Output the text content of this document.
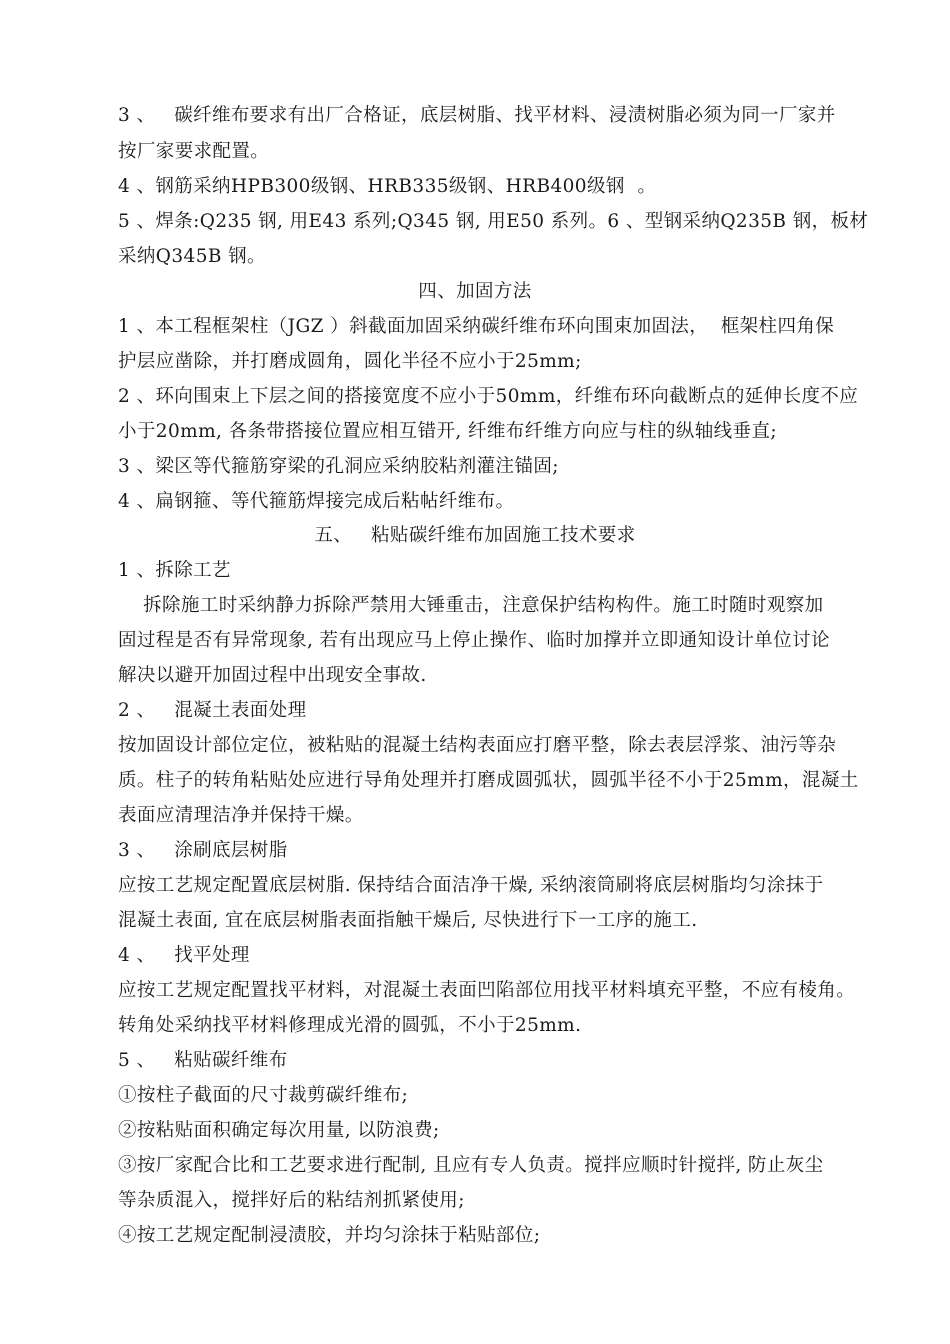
3 、   碳纤维布要求有出厂合格证，底层树脂、找平材料、浸渍树脂必须为同一厂家并
按厂家要求配置。
4 、钢筋采纳HPB300级钢、HRB335级钢、HRB400级钢  。
5 、焊条:Q235 钢, 用E43 系列;Q345 钢, 用E50 系列。6 、型钢采纳Q235B 钢，板材
采纳Q345B 钢。
四、加固方法
1 、本工程框架柱（JGZ ）斜截面加固采纳碳纤维布环向围束加固法，  框架柱四角保
护层应凿除，并打磨成圆角，圆化半径不应小于25mm;
2 、环向围束上下层之间的搭接宽度不应小于50mm，纤维布环向截断点的延伸长度不应
小于20mm, 各条带搭接位置应相互错开, 纤维布纤维方向应与柱的纵轴线垂直;
3 、梁区等代箍筋穿梁的孔洞应采纳胶粘剂灌注锚固;
4 、扁钢箍、等代箍筋焊接完成后粘帖纤维布。
五、   粘贴碳纤维布加固施工技术要求
1 、拆除工艺
拆除施工时采纳静力拆除严禁用大锤重击，注意保护结构构件。施工时随时观察加
固过程是否有异常现象, 若有出现应马上停止操作、临时加撑并立即通知设计单位讨论
解决以避开加固过程中出现安全事故.
2 、   混凝土表面处理
按加固设计部位定位，被粘贴的混凝土结构表面应打磨平整，除去表层浮浆、油污等杂
质。柱子的转角粘贴处应进行导角处理并打磨成圆弧状，圆弧半径不小于25mm，混凝土
表面应清理洁净并保持干燥。
3 、   涂刷底层树脂
应按工艺规定配置底层树脂. 保持结合面洁净干燥, 采纳滚筒刷将底层树脂均匀涂抹于
混凝土表面, 宜在底层树脂表面指触干燥后, 尽快进行下一工序的施工.
4 、   找平处理
应按工艺规定配置找平材料，对混凝土表面凹陷部位用找平材料填充平整，不应有棱角。
转角处采纳找平材料修理成光滑的圆弧，不小于25mm.
5 、   粘贴碳纤维布
①按柱子截面的尺寸裁剪碳纤维布;
②按粘贴面积确定每次用量, 以防浪费;
③按厂家配合比和工艺要求进行配制, 且应有专人负责。搅拌应顺时针搅拌, 防止灰尘
等杂质混入，搅拌好后的粘结剂抓紧使用;
④按工艺规定配制浸渍胶，并均匀涂抹于粘贴部位;
